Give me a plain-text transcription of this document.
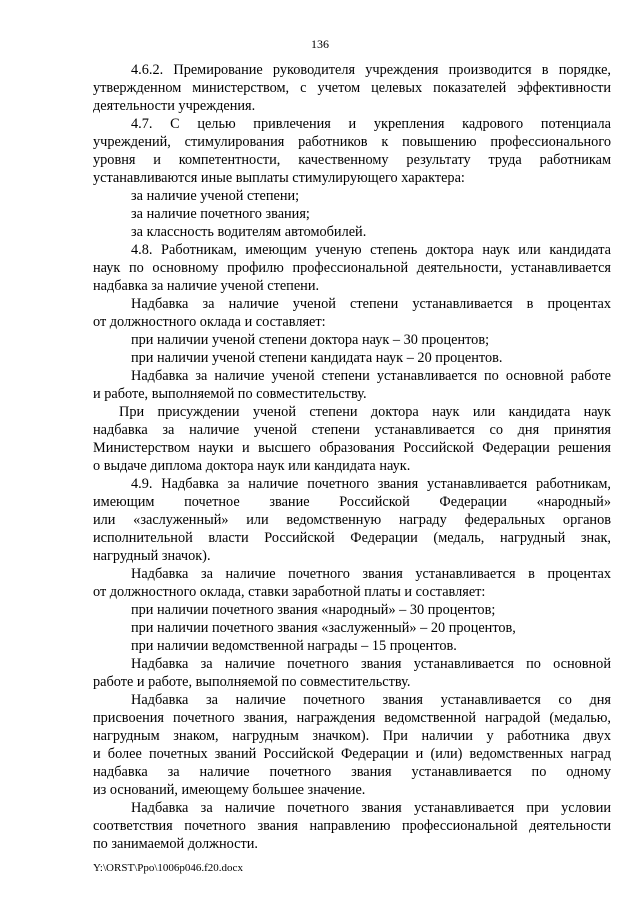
136
4.6.2. Премирование руководителя учреждения производится в порядке,
утвержденном министерством, с учетом целевых показателей эффективности
деятельности учреждения.
4.7. С целью привлечения и укрепления кадрового потенциала
учреждений, стимулирования работников к повышению профессионального
уровня и компетентности, качественному результату труда работникам
устанавливаются иные выплаты стимулирующего характера:
за наличие ученой степени;
за наличие почетного звания;
за классность водителям автомобилей.
4.8. Работникам, имеющим ученую степень доктора наук или кандидата
наук по основному профилю профессиональной деятельности, устанавливается
надбавка за наличие ученой степени.
Надбавка за наличие ученой степени устанавливается в процентах
от должностного оклада и составляет:
при наличии ученой степени доктора наук – 30 процентов;
при наличии ученой степени кандидата наук – 20 процентов.
Надбавка за наличие ученой степени устанавливается по основной работе
и работе, выполняемой по совместительству.
При присуждении ученой степени доктора наук или кандидата наук
надбавка за наличие ученой степени устанавливается со дня принятия
Министерством науки и высшего образования Российской Федерации решения
о выдаче диплома доктора наук или кандидата наук.
4.9. Надбавка за наличие почетного звания устанавливается работникам,
имеющим почетное звание Российской Федерации «народный»
или «заслуженный» или ведомственную награду федеральных органов
исполнительной власти Российской Федерации (медаль, нагрудный знак,
нагрудный значок).
Надбавка за наличие почетного звания устанавливается в процентах
от должностного оклада, ставки заработной платы и составляет:
при наличии почетного звания «народный» – 30 процентов;
при наличии почетного звания «заслуженный» – 20 процентов,
при наличии ведомственной награды – 15 процентов.
Надбавка за наличие почетного звания устанавливается по основной
работе и работе, выполняемой по совместительству.
Надбавка за наличие почетного звания устанавливается со дня
присвоения почетного звания, награждения ведомственной наградой (медалью,
нагрудным знаком, нагрудным значком). При наличии у работника двух
и более почетных званий Российской Федерации и (или) ведомственных наград
надбавка за наличие почетного звания устанавливается по одному
из оснований, имеющему большее значение.
Надбавка за наличие почетного звания устанавливается при условии
соответствия почетного звания направлению профессиональной деятельности
по занимаемой должности.
Y:\ORST\Ppo\1006p046.f20.docx
